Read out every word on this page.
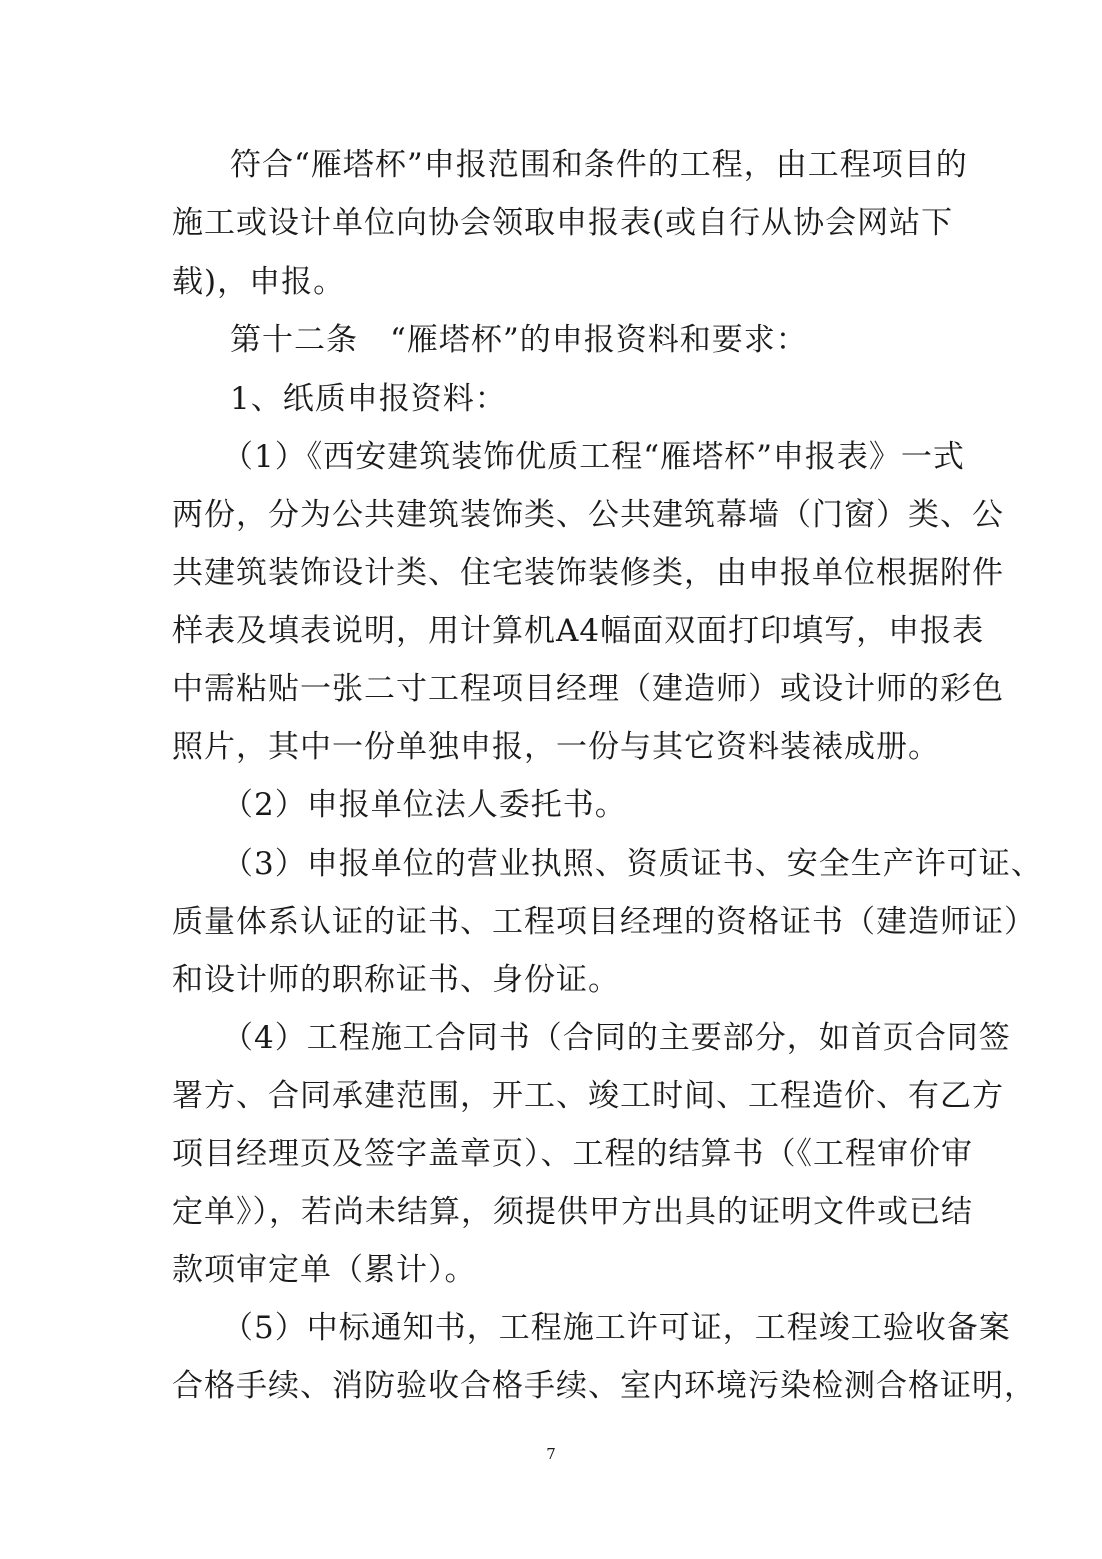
符合“雁塔杯”申报范围和条件的工程，由工程项目的
施工或设计单位向协会领取申报表(或自行从协会网站下
载)，申报。
第十二条　“雁塔杯”的申报资料和要求：
1、纸质申报资料：
（1）《西安建筑装饰优质工程“雁塔杯”申报表》一式
两份，分为公共建筑装饰类、公共建筑幕墙（门窗）类、公
共建筑装饰设计类、住宅装饰装修类，由申报单位根据附件
样表及填表说明，用计算机A4幅面双面打印填写，申报表
中需粘贴一张二寸工程项目经理（建造师）或设计师的彩色
照片，其中一份单独申报，一份与其它资料装裱成册。
（2）申报单位法人委托书。
（3）申报单位的营业执照、资质证书、安全生产许可证、
质量体系认证的证书、工程项目经理的资格证书（建造师证）
和设计师的职称证书、身份证。
（4）工程施工合同书（合同的主要部分，如首页合同签
署方、合同承建范围，开工、竣工时间、工程造价、有乙方
项目经理页及签字盖章页）、工程的结算书（《工程审价审
定单》），若尚未结算，须提供甲方出具的证明文件或已结
款项审定单（累计）。
（5）中标通知书，工程施工许可证，工程竣工验收备案
合格手续、消防验收合格手续、室内环境污染检测合格证明，
7
